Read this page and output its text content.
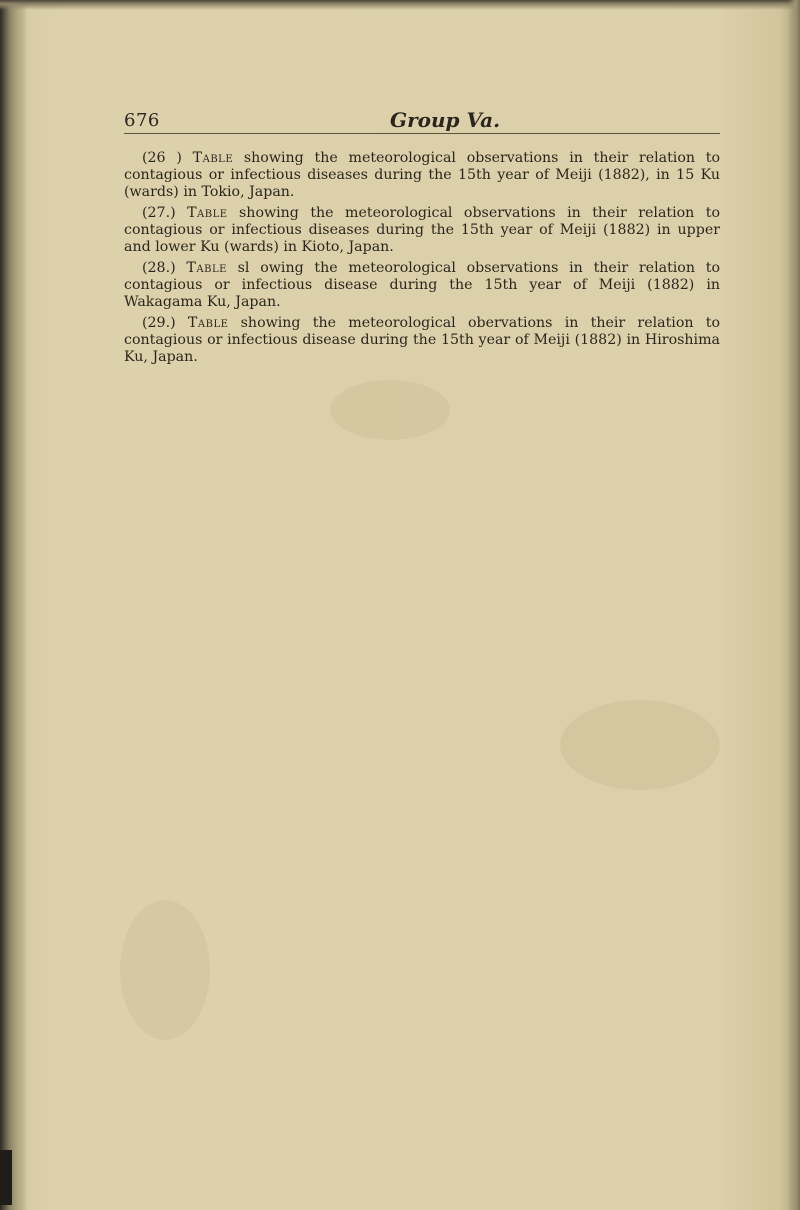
676	Group Va.

(26 ) Table showing the meteorological observations in their relation to contagious or infectious diseases during the 15th year of Meiji (1882), in 15 Ku (wards) in Tokio, Japan.

(27.) Table showing the meteorological observations in their relation to contagious or infectious diseases during the 15th year of Meiji (1882) in upper and lower Ku (wards) in Kioto, Japan.

(28.) Table sl owing the meteorological observations in their relation to contagious or infectious disease during the 15th year of Meiji (1882) in Wakagama Ku, Japan.

(29.) Table showing the meteorological obervations in their relation to contagious or infectious disease during the 15th year of Meiji (1882) in Hiroshima Ku, Japan.
